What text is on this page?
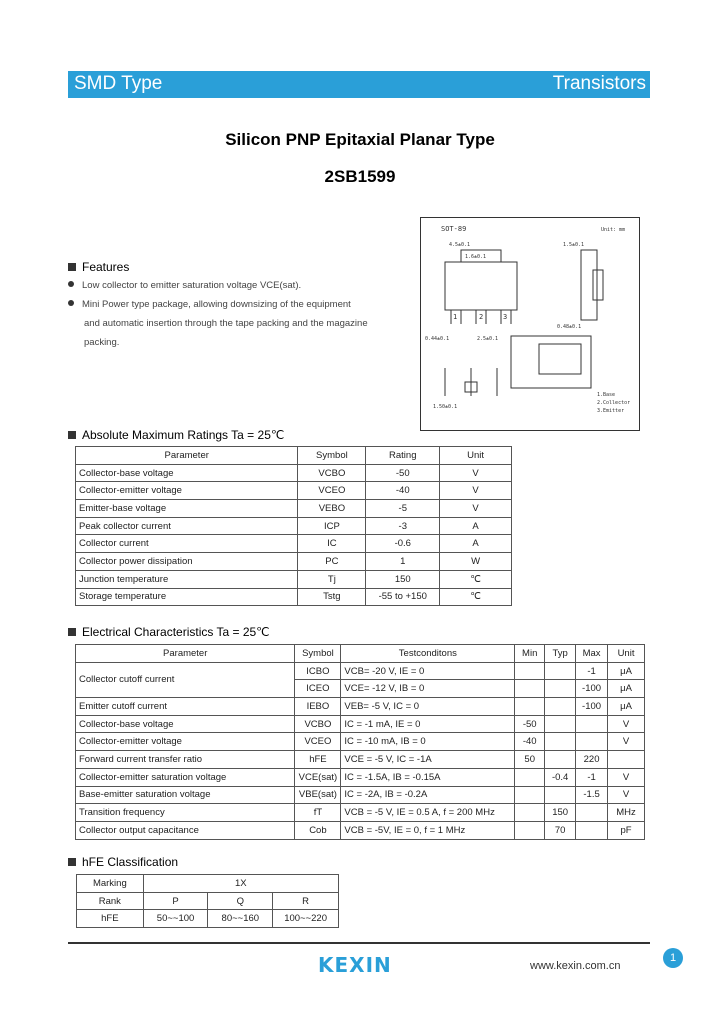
SMD Type	Transistors
Silicon PNP Epitaxial Planar Type
2SB1599
Features
Low collector to emitter saturation voltage VCE(sat).
Mini Power type package, allowing downsizing of the equipment
and automatic insertion through the tape packing and the magazine
packing.
SOT-89	Unit: mm
1	2	3
4.5±0.1
1.6±0.1
0.44±0.1	2.5±0.1
0.48±0.1
1.5±0.1
1.50±0.1
1.Base
2.Collector
3.Emitter
Absolute Maximum Ratings Ta = 25℃
Parameter	Symbol	Rating	Unit
Collector-base voltage	VCBO	-50	V
Collector-emitter voltage	VCEO	-40	V
Emitter-base voltage	VEBO	-5	V
Peak collector current	ICP	-3	A
Collector current	IC	-0.6	A
Collector power dissipation	PC	1	W
Junction temperature	Tj	150	℃
Storage temperature	Tstg	-55 to +150	℃
Electrical Characteristics Ta = 25℃
Parameter	Symbol	Testconditons	Min	Typ	Max	Unit
Collector cutoff current	ICBO	VCB= -20 V, IE = 0			-1	μA
	ICEO	VCE= -12 V, IB = 0			-100	μA
Emitter cutoff current	IEBO	VEB= -5 V, IC = 0			-100	μA
Collector-base voltage	VCBO	IC = -1 mA, IE = 0	-50			V
Collector-emitter voltage	VCEO	IC = -10 mA, IB = 0	-40			V
Forward current transfer ratio	hFE	VCE = -5 V, IC = -1A	50		220	
Collector-emitter saturation voltage	VCE(sat)	IC = -1.5A, IB = -0.15A		-0.4	-1	V
Base-emitter saturation voltage	VBE(sat)	IC = -2A, IB = -0.2A			-1.5	V
Transition frequency	fT	VCB = -5 V, IE = 0.5 A, f = 200 MHz		150		MHz
Collector output capacitance	Cob	VCB = -5V, IE = 0, f = 1 MHz		70		pF
hFE Classification
Marking	1X		
Rank	P	Q	R
hFE	50~~100	80~~160	100~~220
KEXIN	www.kexin.com.cn
1
